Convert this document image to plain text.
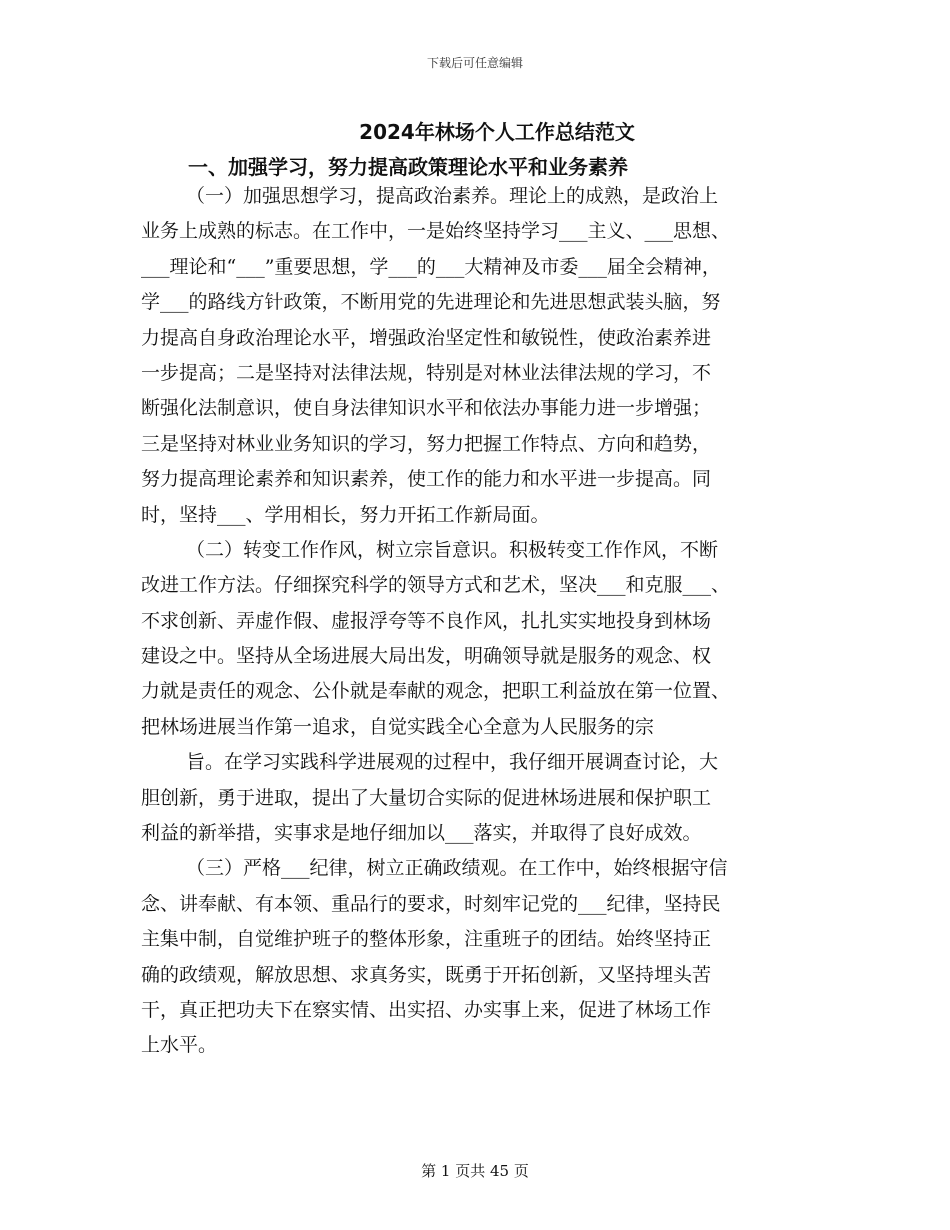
下载后可任意编辑
2024年林场个人工作总结范文
一、加强学习，努力提高政策理论水平和业务素养
（一）加强思想学习，提高政治素养。理论上的成熟，是政治上
业务上成熟的标志。在工作中，一是始终坚持学习___主义、___思想、
___理论和“___”重要思想，学___的___大精神及市委___届全会精神，
学___的路线方针政策，不断用党的先进理论和先进思想武装头脑，努
力提高自身政治理论水平，增强政治坚定性和敏锐性，使政治素养进
一步提高；二是坚持对法律法规，特别是对林业法律法规的学习，不
断强化法制意识，使自身法律知识水平和依法办事能力进一步增强；
三是坚持对林业业务知识的学习，努力把握工作特点、方向和趋势，
努力提高理论素养和知识素养，使工作的能力和水平进一步提高。同
时，坚持___、学用相长，努力开拓工作新局面。
（二）转变工作作风，树立宗旨意识。积极转变工作作风，不断
改进工作方法。仔细探究科学的领导方式和艺术，坚决___和克服___、
不求创新、弄虚作假、虚报浮夸等不良作风，扎扎实实地投身到林场
建设之中。坚持从全场进展大局出发，明确领导就是服务的观念、权
力就是责任的观念、公仆就是奉献的观念，把职工利益放在第一位置、
把林场进展当作第一追求，自觉实践全心全意为人民服务的宗
旨。在学习实践科学进展观的过程中，我仔细开展调查讨论，大
胆创新，勇于进取，提出了大量切合实际的促进林场进展和保护职工
利益的新举措，实事求是地仔细加以___落实，并取得了良好成效。
（三）严格___纪律，树立正确政绩观。在工作中，始终根据守信
念、讲奉献、有本领、重品行的要求，时刻牢记党的___纪律，坚持民
主集中制，自觉维护班子的整体形象，注重班子的团结。始终坚持正
确的政绩观，解放思想、求真务实，既勇于开拓创新，又坚持埋头苦
干，真正把功夫下在察实情、出实招、办实事上来，促进了林场工作
上水平。
第 1 页共 45 页
